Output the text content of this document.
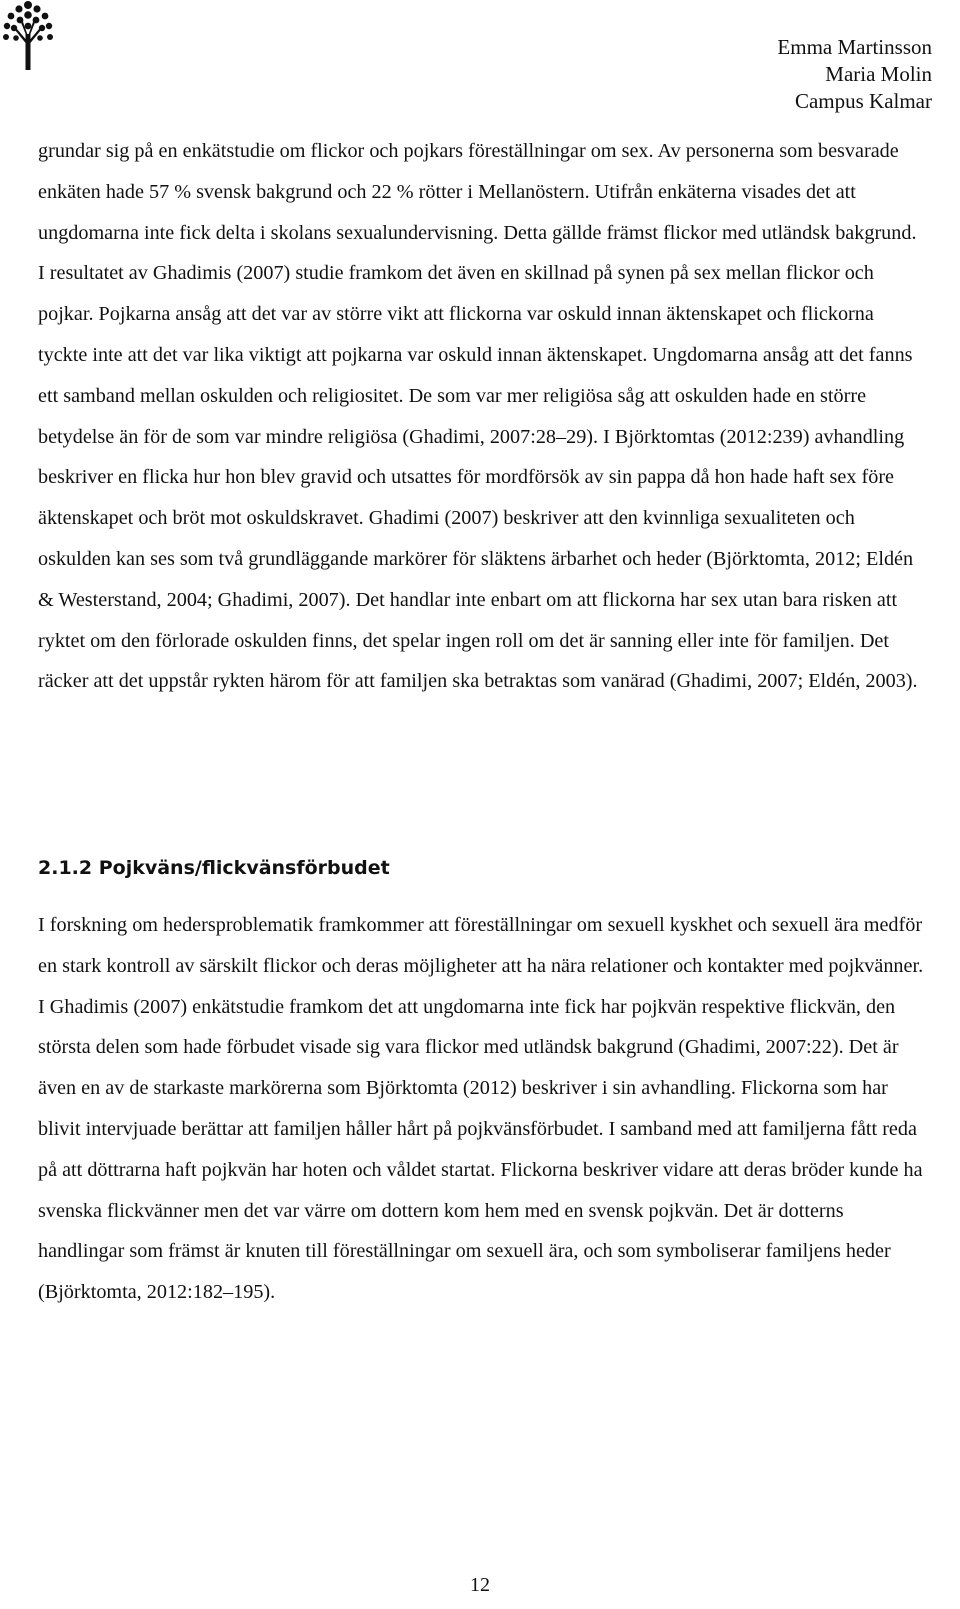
Emma Martinsson
Maria Molin
Campus Kalmar

grundar sig på en enkätstudie om flickor och pojkars föreställningar om sex. Av personerna som besvarade enkäten hade 57 % svensk bakgrund och 22 % rötter i Mellanöstern. Utifrån enkäterna visades det att ungdomarna inte fick delta i skolans sexualundervisning. Detta gällde främst flickor med utländsk bakgrund. I resultatet av Ghadimis (2007) studie framkom det även en skillnad på synen på sex mellan flickor och pojkar. Pojkarna ansåg att det var av större vikt att flickorna var oskuld innan äktenskapet och flickorna tyckte inte att det var lika viktigt att pojkarna var oskuld innan äktenskapet. Ungdomarna ansåg att det fanns ett samband mellan oskulden och religiositet. De som var mer religiösa såg att oskulden hade en större betydelse än för de som var mindre religiösa (Ghadimi, 2007:28–29). I Björktomtas (2012:239) avhandling beskriver en flicka hur hon blev gravid och utsattes för mordförsök av sin pappa då hon hade haft sex före äktenskapet och bröt mot oskuldskravet. Ghadimi (2007) beskriver att den kvinnliga sexualiteten och oskulden kan ses som två grundläggande markörer för släktens ärbarhet och heder (Björktomta, 2012; Eldén & Westerstand, 2004; Ghadimi, 2007). Det handlar inte enbart om att flickorna har sex utan bara risken att ryktet om den förlorade oskulden finns, det spelar ingen roll om det är sanning eller inte för familjen. Det räcker att det uppstår rykten härom för att familjen ska betraktas som vanärad (Ghadimi, 2007; Eldén, 2003).

2.1.2 Pojkväns/flickvänsförbudet

I forskning om hedersproblematik framkommer att föreställningar om sexuell kyskhet och sexuell ära medför en stark kontroll av särskilt flickor och deras möjligheter att ha nära relationer och kontakter med pojkvänner. I Ghadimis (2007) enkätstudie framkom det att ungdomarna inte fick har pojkvän respektive flickvän, den största delen som hade förbudet visade sig vara flickor med utländsk bakgrund (Ghadimi, 2007:22). Det är även en av de starkaste markörerna som Björktomta (2012) beskriver i sin avhandling. Flickorna som har blivit intervjuade berättar att familjen håller hårt på pojkvänsförbudet. I samband med att familjerna fått reda på att döttrarna haft pojkvän har hoten och våldet startat. Flickorna beskriver vidare att deras bröder kunde ha svenska flickvänner men det var värre om dottern kom hem med en svensk pojkvän. Det är dotterns handlingar som främst är knuten till föreställningar om sexuell ära, och som symboliserar familjens heder (Björktomta, 2012:182–195).

12
